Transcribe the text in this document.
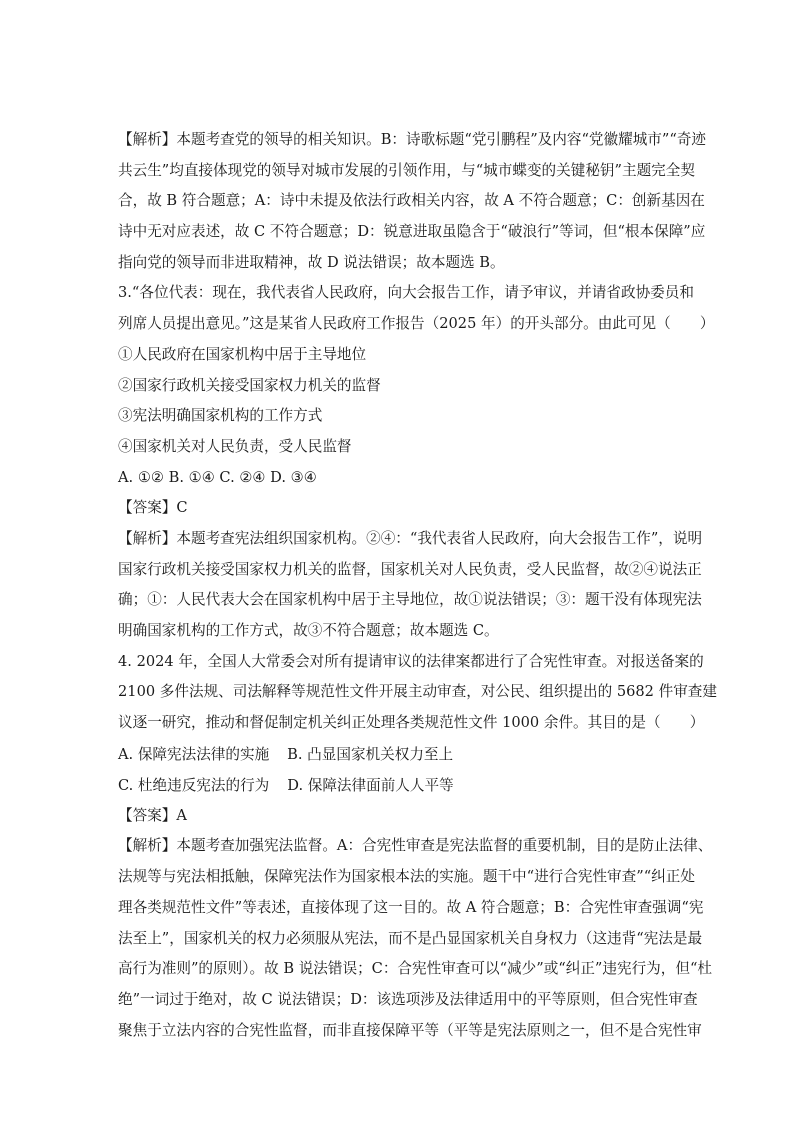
【解析】本题考查党的领导的相关知识。B：诗歌标题“党引鹏程”及内容“党徽耀城市”“奇迹
共云生”均直接体现党的领导对城市发展的引领作用，与“城市蝶变的关键秘钥”主题完全契
合，故 B 符合题意；A：诗中未提及依法行政相关内容，故 A 不符合题意；C：创新基因在
诗中无对应表述，故 C 不符合题意；D：锐意进取虽隐含于“破浪行”等词，但“根本保障”应
指向党的领导而非进取精神，故 D 说法错误；故本题选 B。
3.“各位代表：现在，我代表省人民政府，向大会报告工作，请予审议，并请省政协委员和
列席人员提出意见。”这是某省人民政府工作报告（2025 年）的开头部分。由此可见（　　）
①人民政府在国家机构中居于主导地位
②国家行政机关接受国家权力机关的监督
③宪法明确国家机构的工作方式
④国家机关对人民负责，受人民监督
A. ①② B. ①④ C. ②④ D. ③④
【答案】C
【解析】本题考查宪法组织国家机构。②④：“我代表省人民政府，向大会报告工作”，说明
国家行政机关接受国家权力机关的监督，国家机关对人民负责，受人民监督，故②④说法正
确；①：人民代表大会在国家机构中居于主导地位，故①说法错误；③：题干没有体现宪法
明确国家机构的工作方式，故③不符合题意；故本题选 C。
4. 2024 年，全国人大常委会对所有提请审议的法律案都进行了合宪性审查。对报送备案的
2100 多件法规、司法解释等规范性文件开展主动审查，对公民、组织提出的 5682 件审查建
议逐一研究，推动和督促制定机关纠正处理各类规范性文件 1000 余件。其目的是（　　）
A. 保障宪法法律的实施 B. 凸显国家机关权力至上
C. 杜绝违反宪法的行为 D. 保障法律面前人人平等
【答案】A
【解析】本题考查加强宪法监督。A：合宪性审查是宪法监督的重要机制，目的是防止法律、
法规等与宪法相抵触，保障宪法作为国家根本法的实施。题干中“进行合宪性审查”“纠正处
理各类规范性文件”等表述，直接体现了这一目的。故 A 符合题意；B：合宪性审查强调“宪
法至上”，国家机关的权力必须服从宪法，而不是凸显国家机关自身权力（这违背“宪法是最
高行为准则”的原则）。故 B 说法错误；C：合宪性审查可以“减少”或“纠正”违宪行为，但“杜
绝”一词过于绝对，故 C 说法错误；D：该选项涉及法律适用中的平等原则，但合宪性审查
聚焦于立法内容的合宪性监督，而非直接保障平等（平等是宪法原则之一，但不是合宪性审
